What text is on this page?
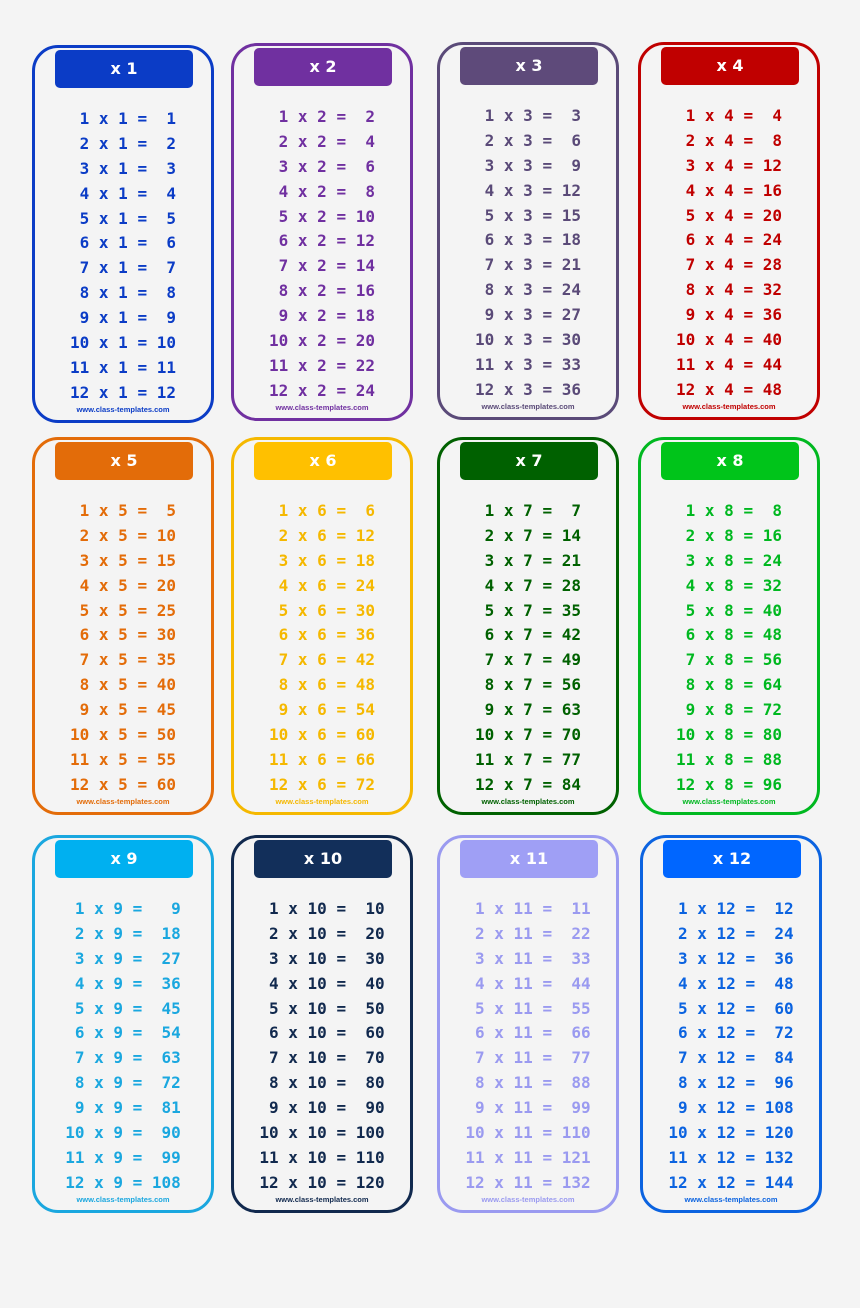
x 1
1 x 1 =  1
2 x 1 =  2
3 x 1 =  3
4 x 1 =  4
5 x 1 =  5
6 x 1 =  6
7 x 1 =  7
8 x 1 =  8
9 x 1 =  9
10 x 1 = 10
11 x 1 = 11
12 x 1 = 12
www.class-templates.com
x 2
1 x 2 =  2
2 x 2 =  4
3 x 2 =  6
4 x 2 =  8
5 x 2 = 10
6 x 2 = 12
7 x 2 = 14
8 x 2 = 16
9 x 2 = 18
10 x 2 = 20
11 x 2 = 22
12 x 2 = 24
www.class-templates.com
x 3
1 x 3 =  3
2 x 3 =  6
3 x 3 =  9
4 x 3 = 12
5 x 3 = 15
6 x 3 = 18
7 x 3 = 21
8 x 3 = 24
9 x 3 = 27
10 x 3 = 30
11 x 3 = 33
12 x 3 = 36
www.class-templates.com
x 4
1 x 4 =  4
2 x 4 =  8
3 x 4 = 12
4 x 4 = 16
5 x 4 = 20
6 x 4 = 24
7 x 4 = 28
8 x 4 = 32
9 x 4 = 36
10 x 4 = 40
11 x 4 = 44
12 x 4 = 48
www.class-templates.com
x 5
1 x 5 =  5
2 x 5 = 10
3 x 5 = 15
4 x 5 = 20
5 x 5 = 25
6 x 5 = 30
7 x 5 = 35
8 x 5 = 40
9 x 5 = 45
10 x 5 = 50
11 x 5 = 55
12 x 5 = 60
www.class-templates.com
x 6
1 x 6 =  6
2 x 6 = 12
3 x 6 = 18
4 x 6 = 24
5 x 6 = 30
6 x 6 = 36
7 x 6 = 42
8 x 6 = 48
9 x 6 = 54
10 x 6 = 60
11 x 6 = 66
12 x 6 = 72
www.class-templates.com
x 7
1 x 7 =  7
2 x 7 = 14
3 x 7 = 21
4 x 7 = 28
5 x 7 = 35
6 x 7 = 42
7 x 7 = 49
8 x 7 = 56
9 x 7 = 63
10 x 7 = 70
11 x 7 = 77
12 x 7 = 84
www.class-templates.com
x 8
1 x 8 =  8
2 x 8 = 16
3 x 8 = 24
4 x 8 = 32
5 x 8 = 40
6 x 8 = 48
7 x 8 = 56
8 x 8 = 64
9 x 8 = 72
10 x 8 = 80
11 x 8 = 88
12 x 8 = 96
www.class-templates.com
x 9
1 x 9 =   9
2 x 9 =  18
3 x 9 =  27
4 x 9 =  36
5 x 9 =  45
6 x 9 =  54
7 x 9 =  63
8 x 9 =  72
9 x 9 =  81
10 x 9 =  90
11 x 9 =  99
12 x 9 = 108
www.class-templates.com
x 10
1 x 10 =  10
2 x 10 =  20
3 x 10 =  30
4 x 10 =  40
5 x 10 =  50
6 x 10 =  60
7 x 10 =  70
8 x 10 =  80
9 x 10 =  90
10 x 10 = 100
11 x 10 = 110
12 x 10 = 120
www.class-templates.com
x 11
1 x 11 =  11
2 x 11 =  22
3 x 11 =  33
4 x 11 =  44
5 x 11 =  55
6 x 11 =  66
7 x 11 =  77
8 x 11 =  88
9 x 11 =  99
10 x 11 = 110
11 x 11 = 121
12 x 11 = 132
www.class-templates.com
x 12
1 x 12 =  12
2 x 12 =  24
3 x 12 =  36
4 x 12 =  48
5 x 12 =  60
6 x 12 =  72
7 x 12 =  84
8 x 12 =  96
9 x 12 = 108
10 x 12 = 120
11 x 12 = 132
12 x 12 = 144
www.class-templates.com
